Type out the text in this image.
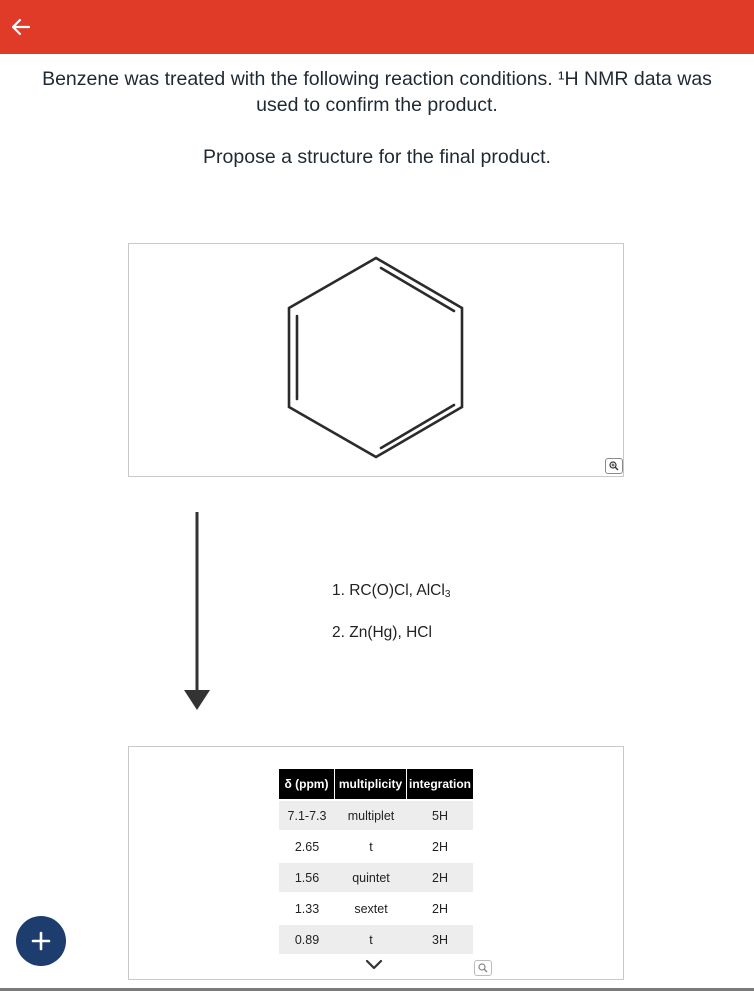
Benzene was treated with the following reaction conditions. ¹H NMR data was
used to confirm the product.
Propose a structure for the final product.
1. RC(O)Cl, AlCl$_3$
2. Zn(Hg), HCl
δ (ppm)	multiplicity	integration
7.1-7.3	multiplet	5H
2.65	t	2H
1.56	quintet	2H
1.33	sextet	2H
0.89	t	3H
